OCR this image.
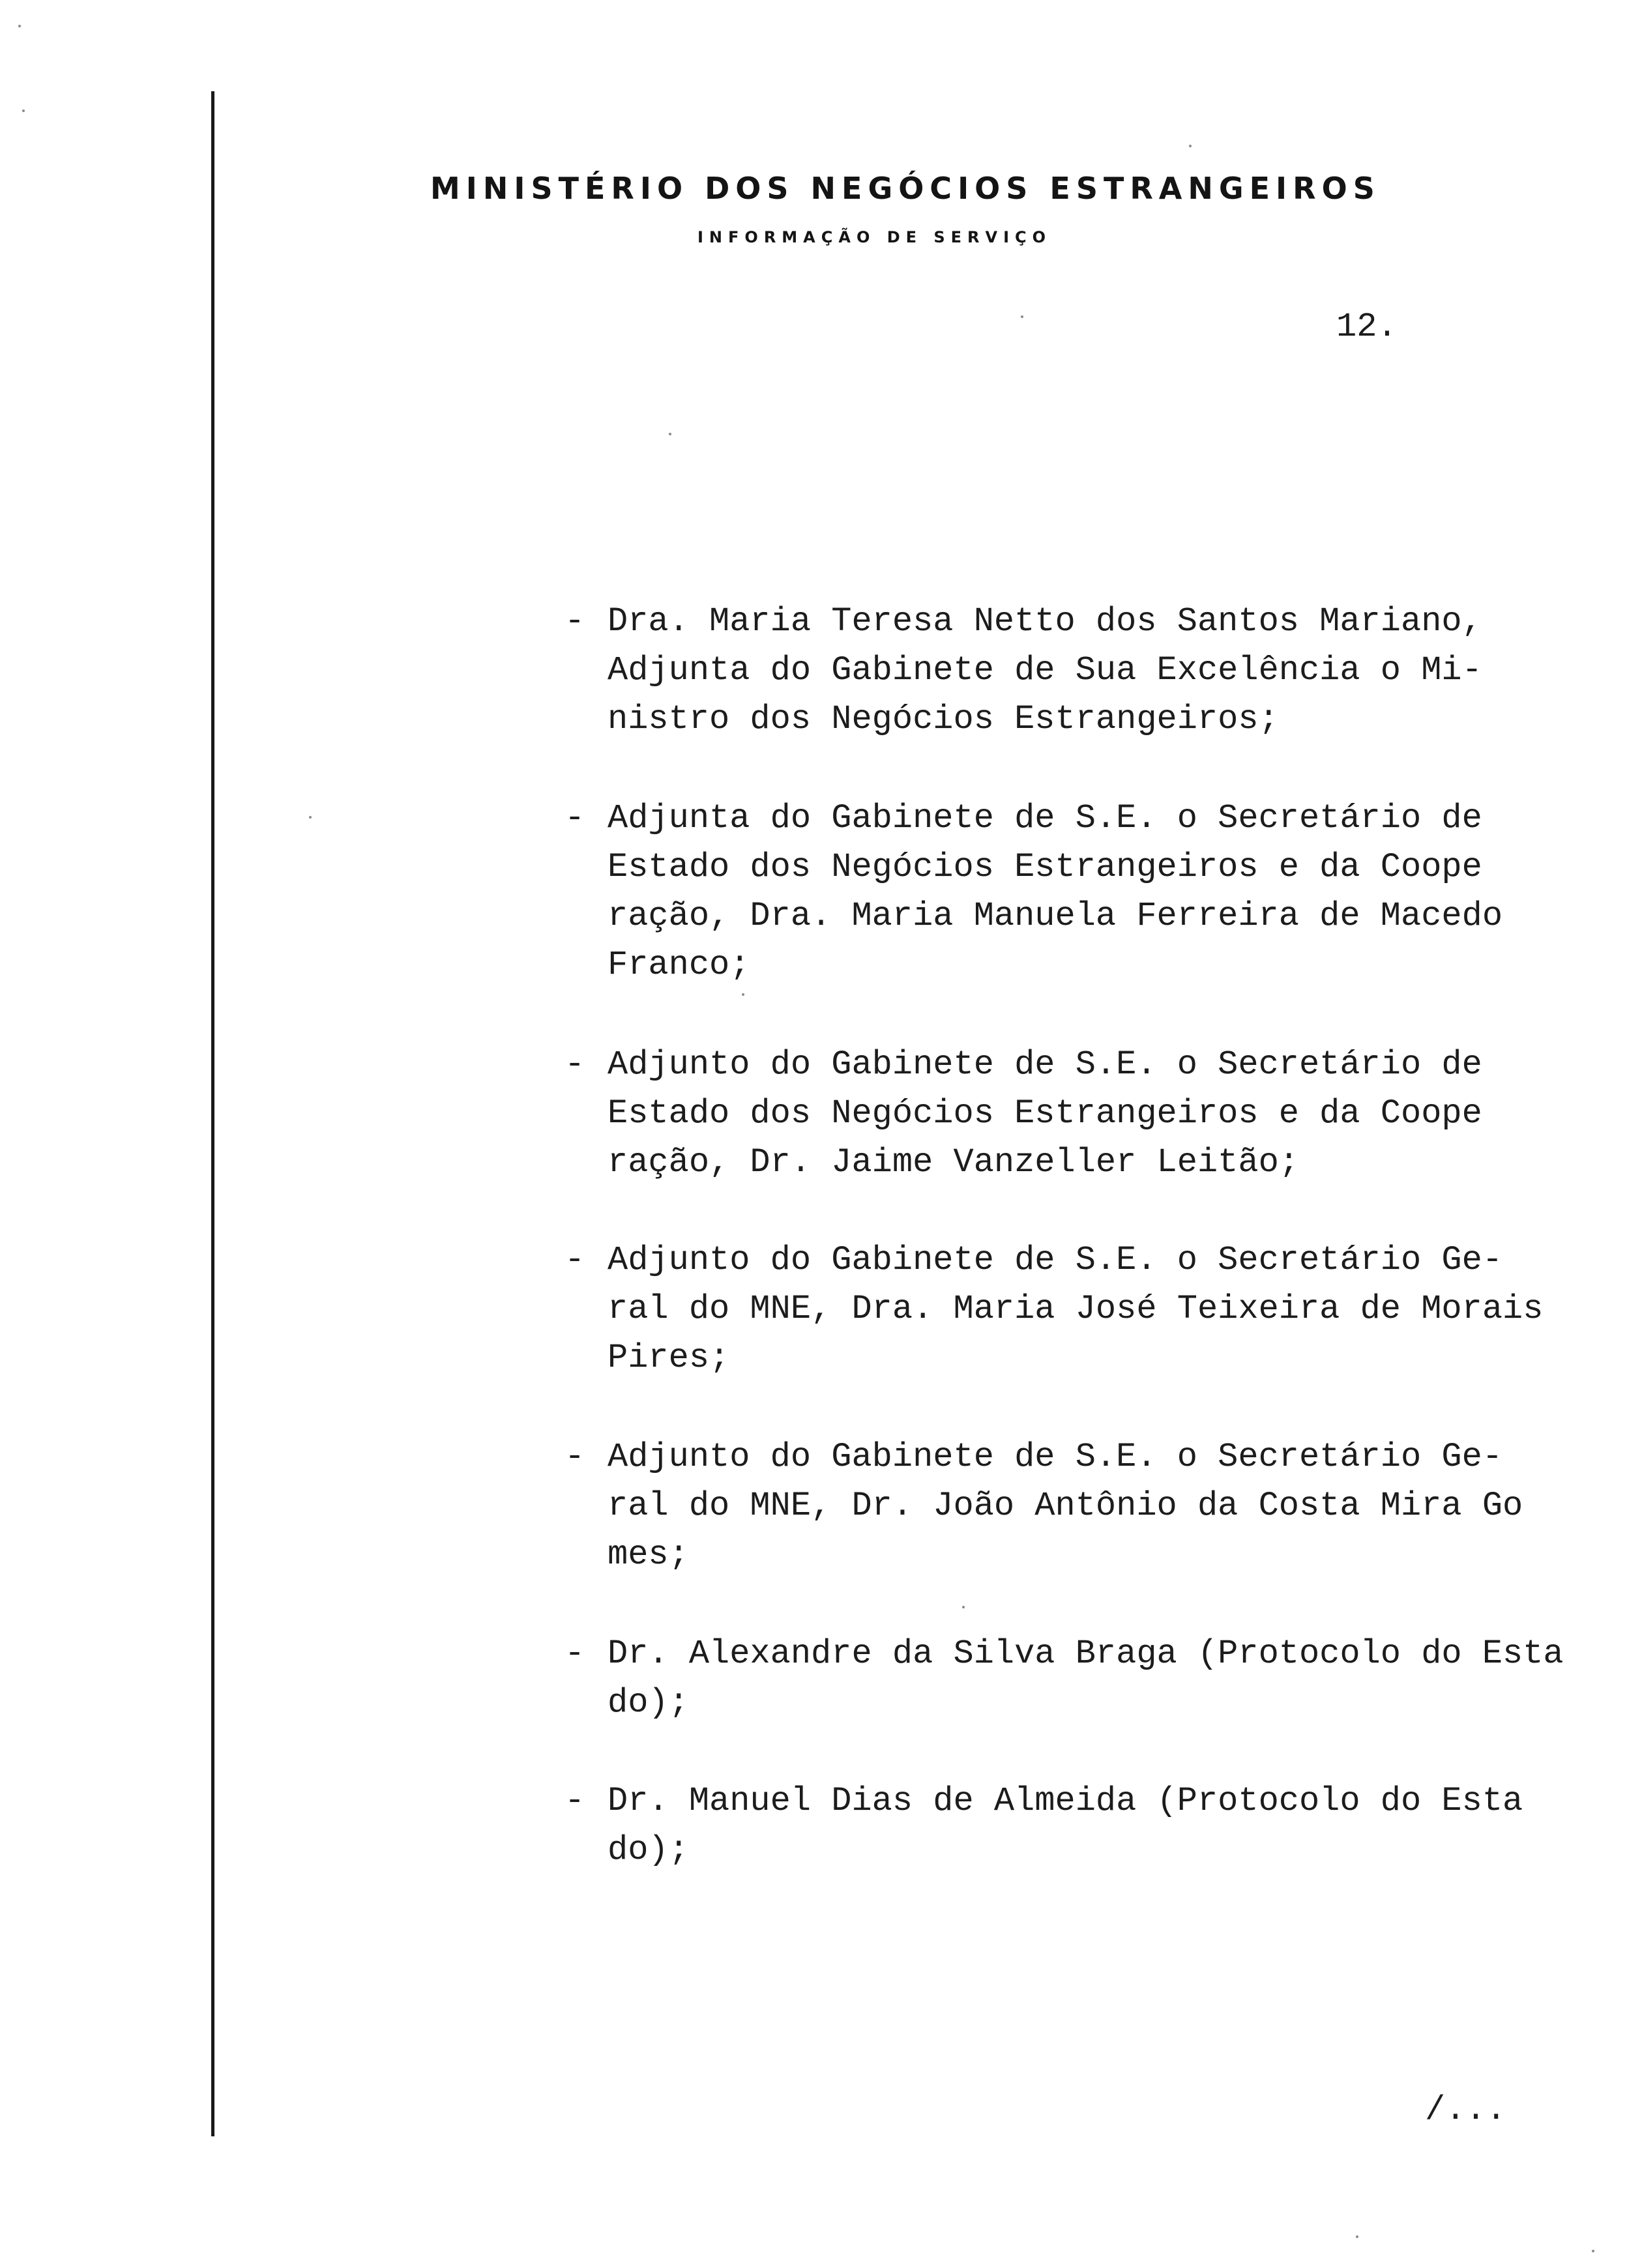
MINISTÉRIO DOS NEGÓCIOS ESTRANGEIROS
INFORMAÇÃO DE SERVIÇO
12.
- Dra. Maria Teresa Netto dos Santos Mariano,
Adjunta do Gabinete de Sua Excelência o Mi-
nistro dos Negócios Estrangeiros;
- Adjunta do Gabinete de S.E. o Secretário de
Estado dos Negócios Estrangeiros e da Coope
ração, Dra. Maria Manuela Ferreira de Macedo
Franco;
- Adjunto do Gabinete de S.E. o Secretário de
Estado dos Negócios Estrangeiros e da Coope
ração, Dr. Jaime Vanzeller Leitão;
- Adjunto do Gabinete de S.E. o Secretário Ge-
ral do MNE, Dra. Maria José Teixeira de Morais
Pires;
- Adjunto do Gabinete de S.E. o Secretário Ge-
ral do MNE, Dr. João Antônio da Costa Mira Go
mes;
- Dr. Alexandre da Silva Braga (Protocolo do Esta
do);
- Dr. Manuel Dias de Almeida (Protocolo do Esta
do);
/...
